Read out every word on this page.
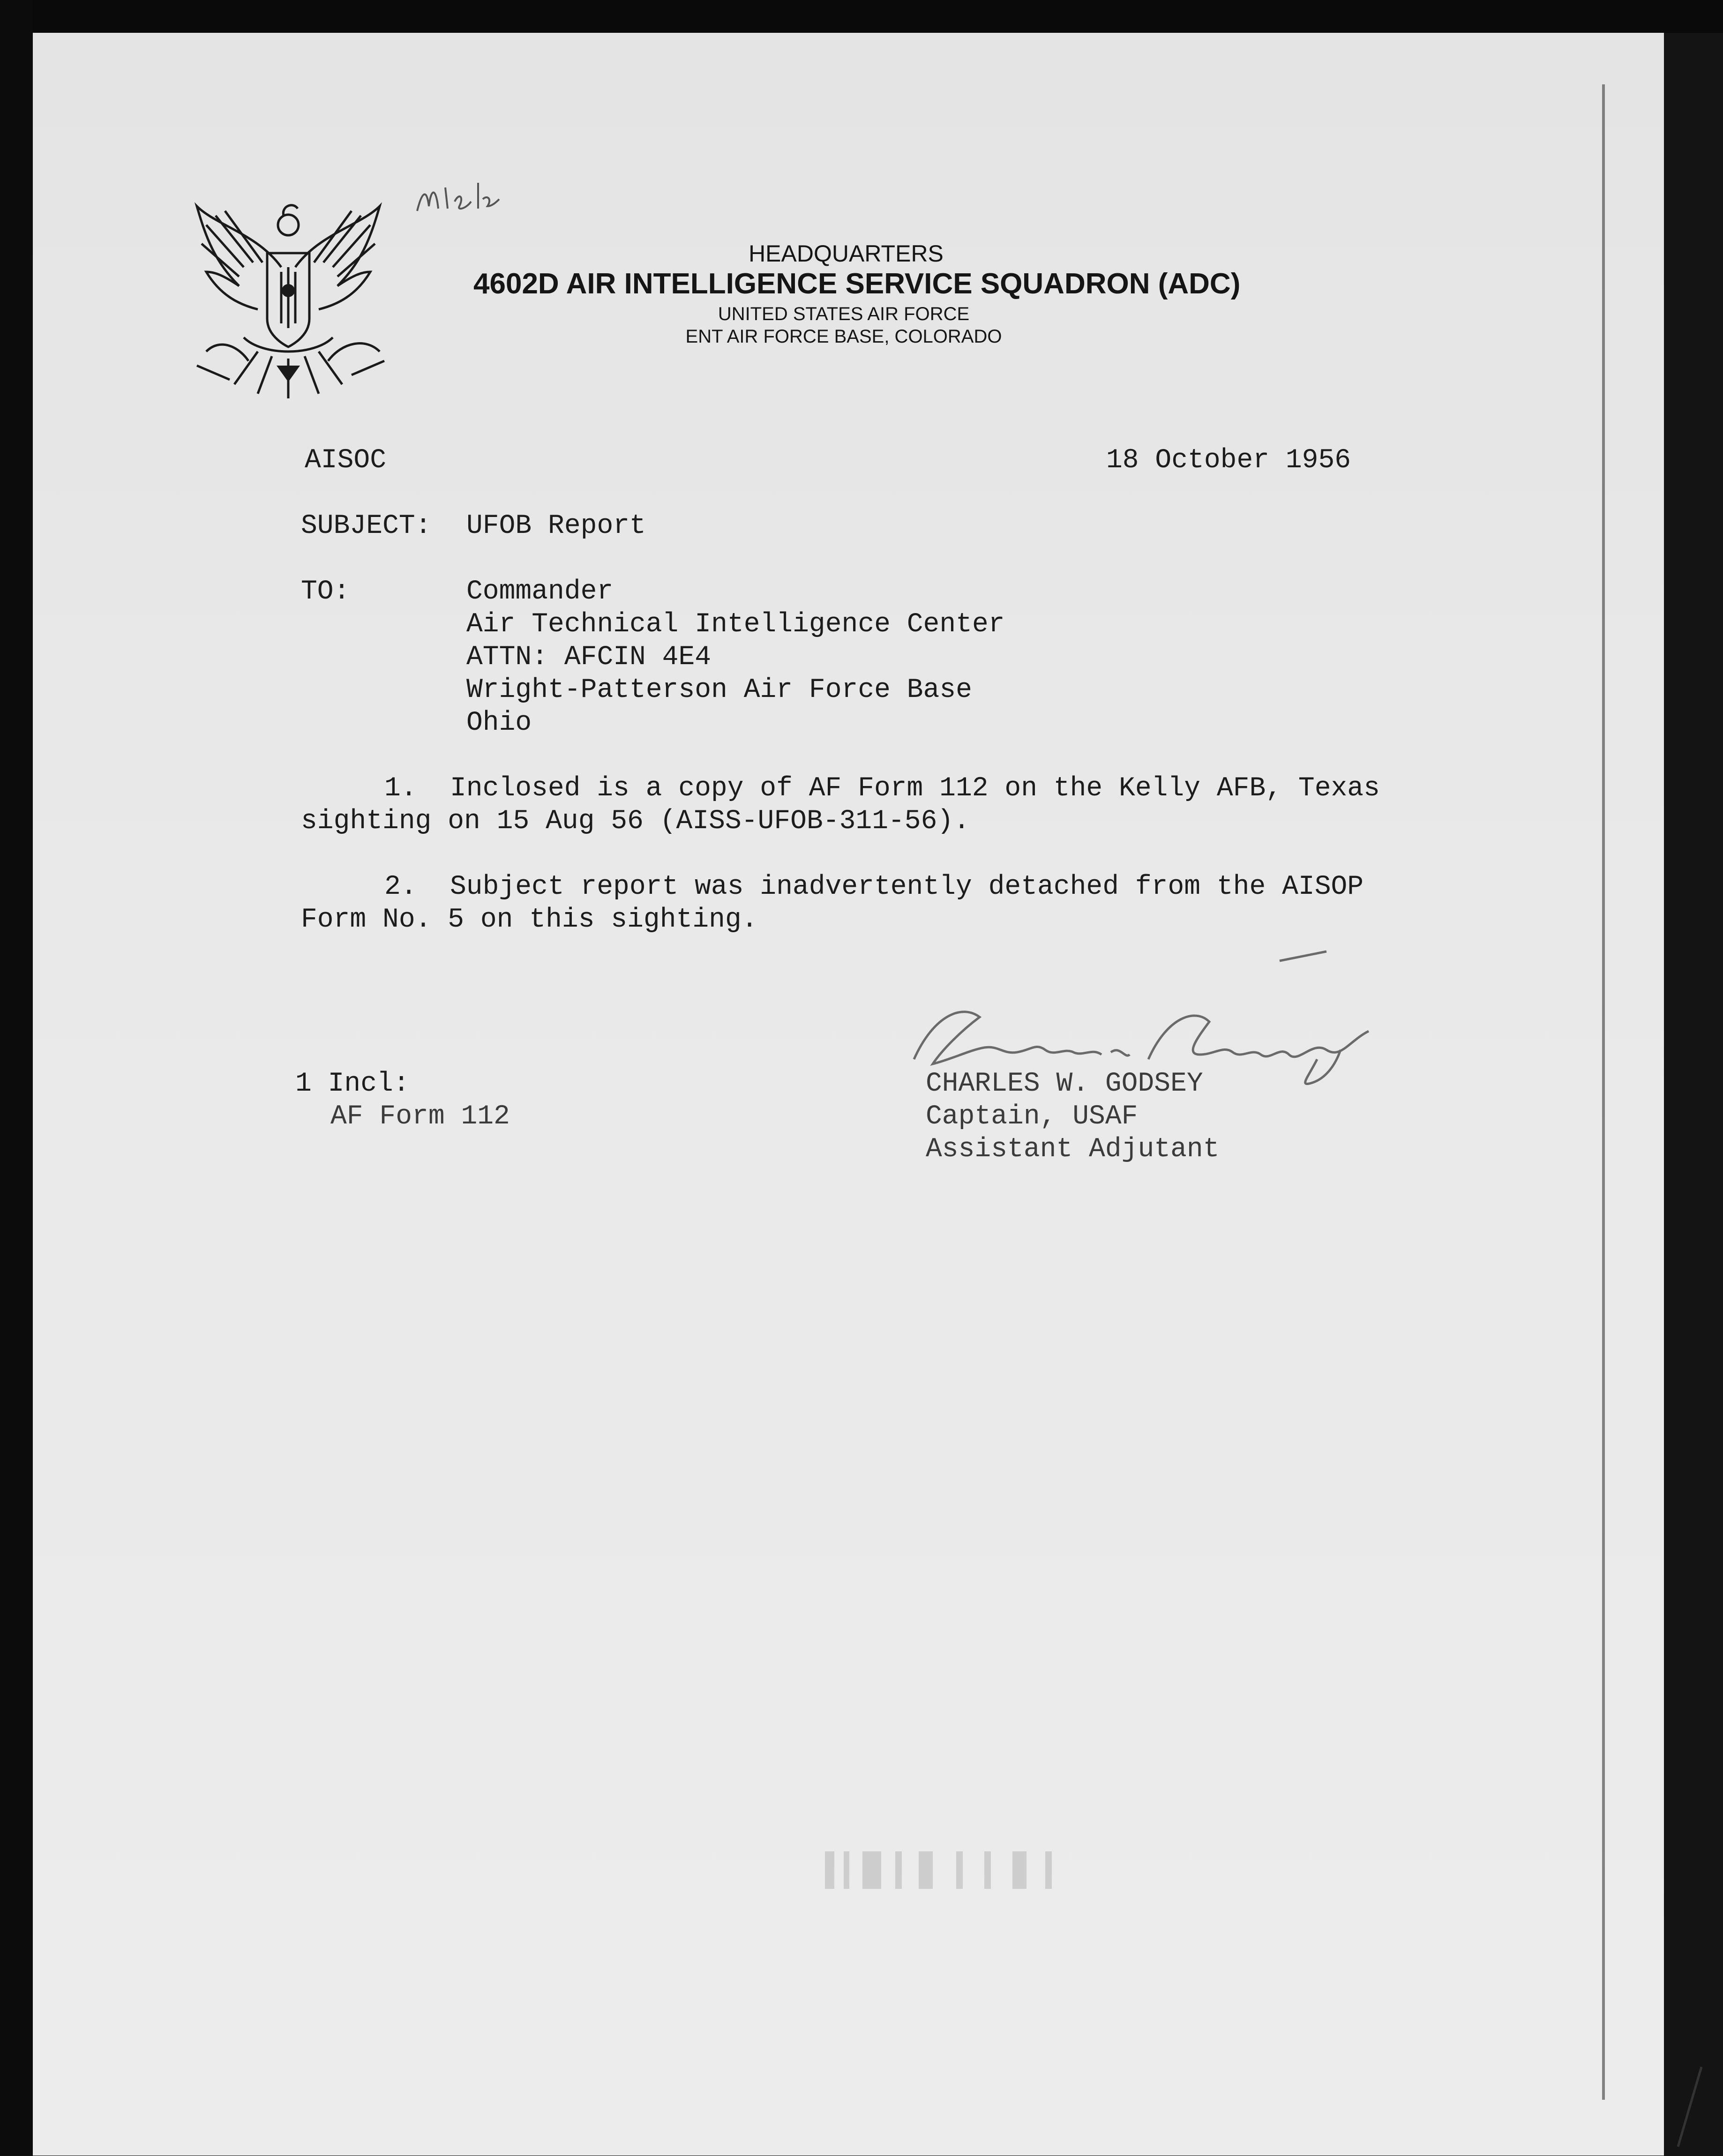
HEADQUARTERS
4602D AIR INTELLIGENCE SERVICE SQUADRON (ADC)
UNITED STATES AIR FORCE
ENT AIR FORCE BASE, COLORADO
AISOC	18 October 1956
SUBJECT: UFOB Report
TO:	Commander
Air Technical Intelligence Center
ATTN: AFCIN 4E4
Wright-Patterson Air Force Base
Ohio
1. Inclosed is a copy of AF Form 112 on the Kelly AFB, Texas
sighting on 15 Aug 56 (AISS-UFOB-311-56).
2. Subject report was inadvertently detached from the AISOP
Form No. 5 on this sighting.
1 Incl:
AF Form 112
CHARLES W. GODSEY
Captain, USAF
Assistant Adjutant
